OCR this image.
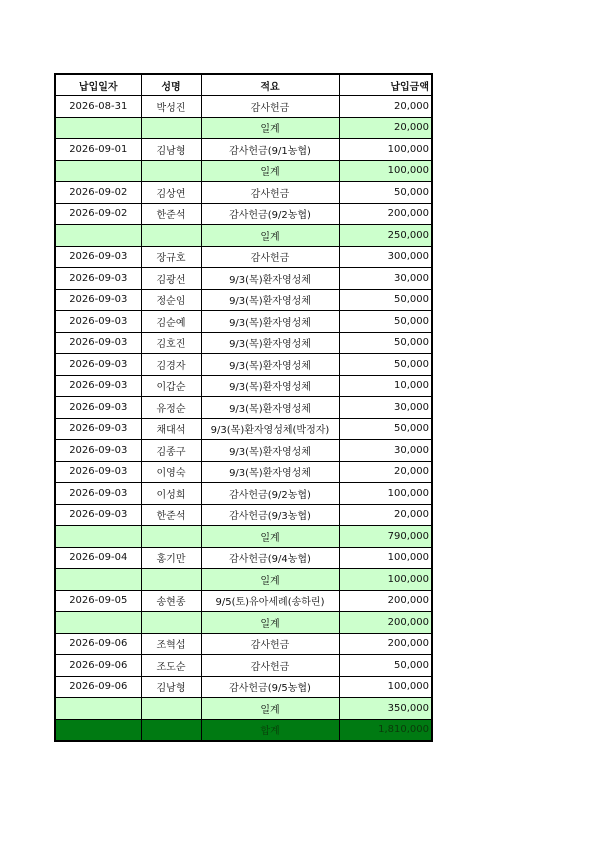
납입일자	성명	적요	납입금액
2026-08-31	박성진	감사헌금	20,000
		일계	20,000
2026-09-01	김남형	감사헌금(9/1농협)	100,000
		일계	100,000
2026-09-02	김상연	감사헌금	50,000
2026-09-02	한준석	감사헌금(9/2농협)	200,000
		일계	250,000
2026-09-03	장규호	감사헌금	300,000
2026-09-03	김광선	9/3(목)환자영성체	30,000
2026-09-03	정순임	9/3(목)환자영성체	50,000
2026-09-03	김순예	9/3(목)환자영성체	50,000
2026-09-03	김호진	9/3(목)환자영성체	50,000
2026-09-03	김경자	9/3(목)환자영성체	50,000
2026-09-03	이갑순	9/3(목)환자영성체	10,000
2026-09-03	유정순	9/3(목)환자영성체	30,000
2026-09-03	채대석	9/3(목)환자영성체(박정자)	50,000
2026-09-03	김종구	9/3(목)환자영성체	30,000
2026-09-03	이영숙	9/3(목)환자영성체	20,000
2026-09-03	이성희	감사헌금(9/2농협)	100,000
2026-09-03	한준석	감사헌금(9/3농협)	20,000
		일계	790,000
2026-09-04	홍기만	감사헌금(9/4농협)	100,000
		일계	100,000
2026-09-05	송현종	9/5(토)유아세례(송하린)	200,000
		일계	200,000
2026-09-06	조혁섭	감사헌금	200,000
2026-09-06	조도순	감사헌금	50,000
2026-09-06	김남형	감사헌금(9/5농협)	100,000
		일계	350,000
		합계	1,810,000
